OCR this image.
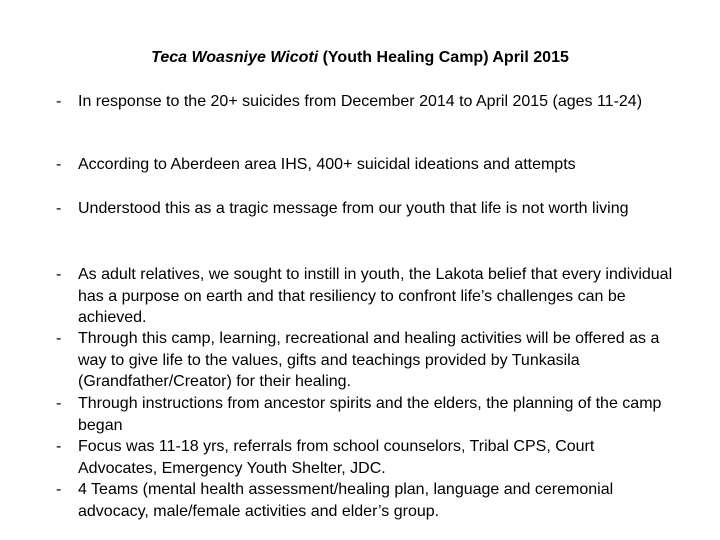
Teca Woasniye Wicoti (Youth Healing Camp) April 2015
- In response to the 20+ suicides from December 2014 to April 2015 (ages 11-24)
- According to Aberdeen area IHS, 400+ suicidal ideations and attempts
- Understood this as a tragic message from our youth that life is not worth living
- As adult relatives, we sought to instill in youth, the Lakota belief that every individual has a purpose on earth and that resiliency to confront life’s challenges can be achieved.
- Through this camp, learning, recreational and healing activities will be offered as a way to give life to the values, gifts and teachings provided by Tunkasila (Grandfather/Creator) for their healing.
- Through instructions from ancestor spirits and the elders, the planning of the camp began
- Focus was 11-18 yrs, referrals from school counselors, Tribal CPS, Court Advocates, Emergency Youth Shelter, JDC.
- 4 Teams (mental health assessment/healing plan, language and ceremonial advocacy, male/female activities and elder’s group.
